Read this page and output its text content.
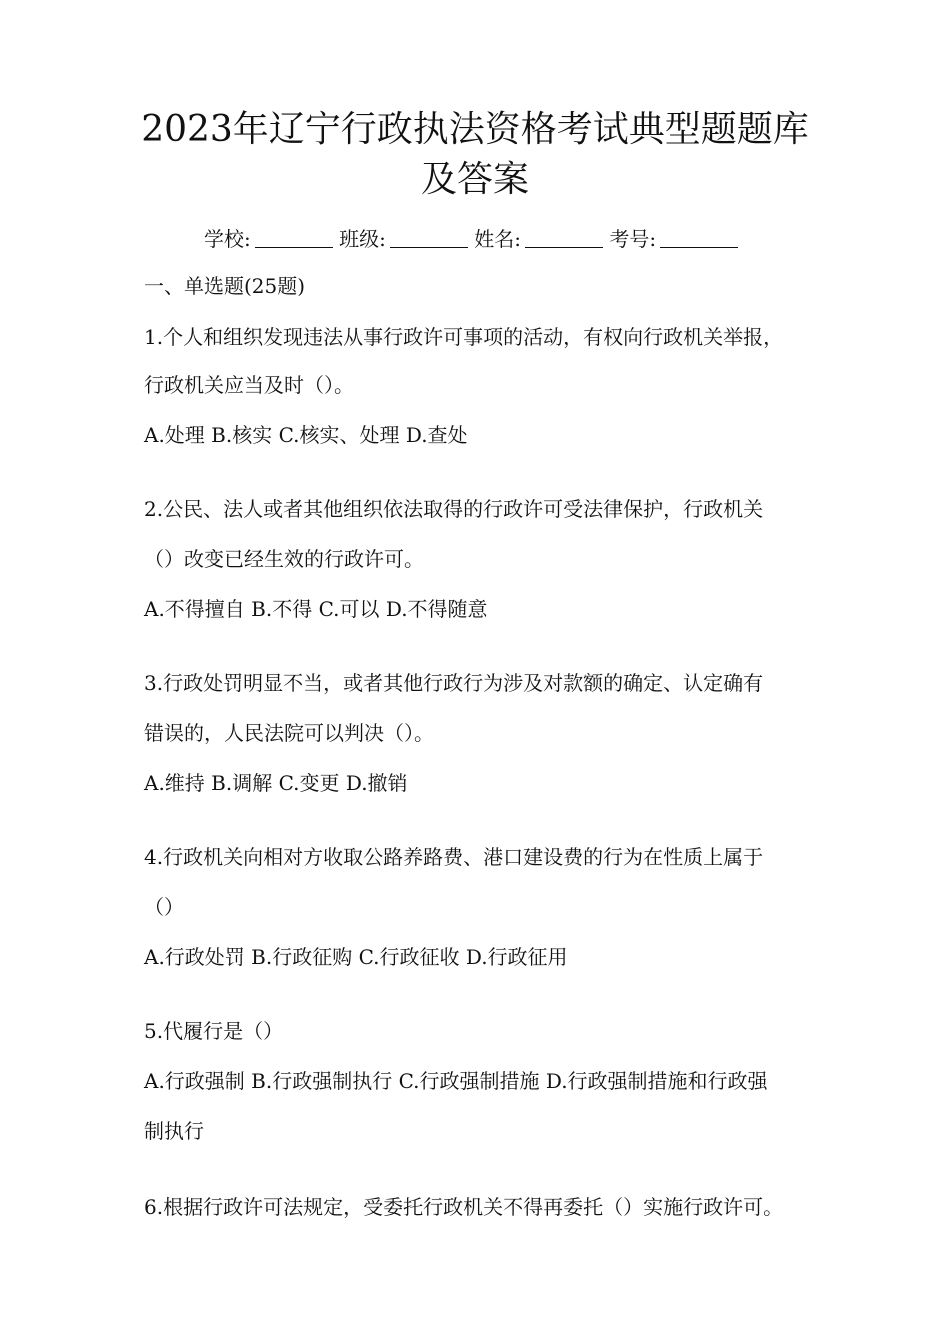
2023年辽宁行政执法资格考试典型题题库
及答案
学校:	班级:	姓名:	考号:
一、单选题(25题)
1.个人和组织发现违法从事行政许可事项的活动，有权向行政机关举报，
行政机关应当及时（）。
A.处理 B.核实 C.核实、处理 D.查处
2.公民、法人或者其他组织依法取得的行政许可受法律保护，行政机关
（）改变已经生效的行政许可。
A.不得擅自 B.不得 C.可以 D.不得随意
3.行政处罚明显不当，或者其他行政行为涉及对款额的确定、认定确有
错误的，人民法院可以判决（）。
A.维持 B.调解 C.变更 D.撤销
4.行政机关向相对方收取公路养路费、港口建设费的行为在性质上属于
（）
A.行政处罚 B.行政征购 C.行政征收 D.行政征用
5.代履行是（）
A.行政强制 B.行政强制执行 C.行政强制措施 D.行政强制措施和行政强
制执行
6.根据行政许可法规定，受委托行政机关不得再委托（）实施行政许可。
